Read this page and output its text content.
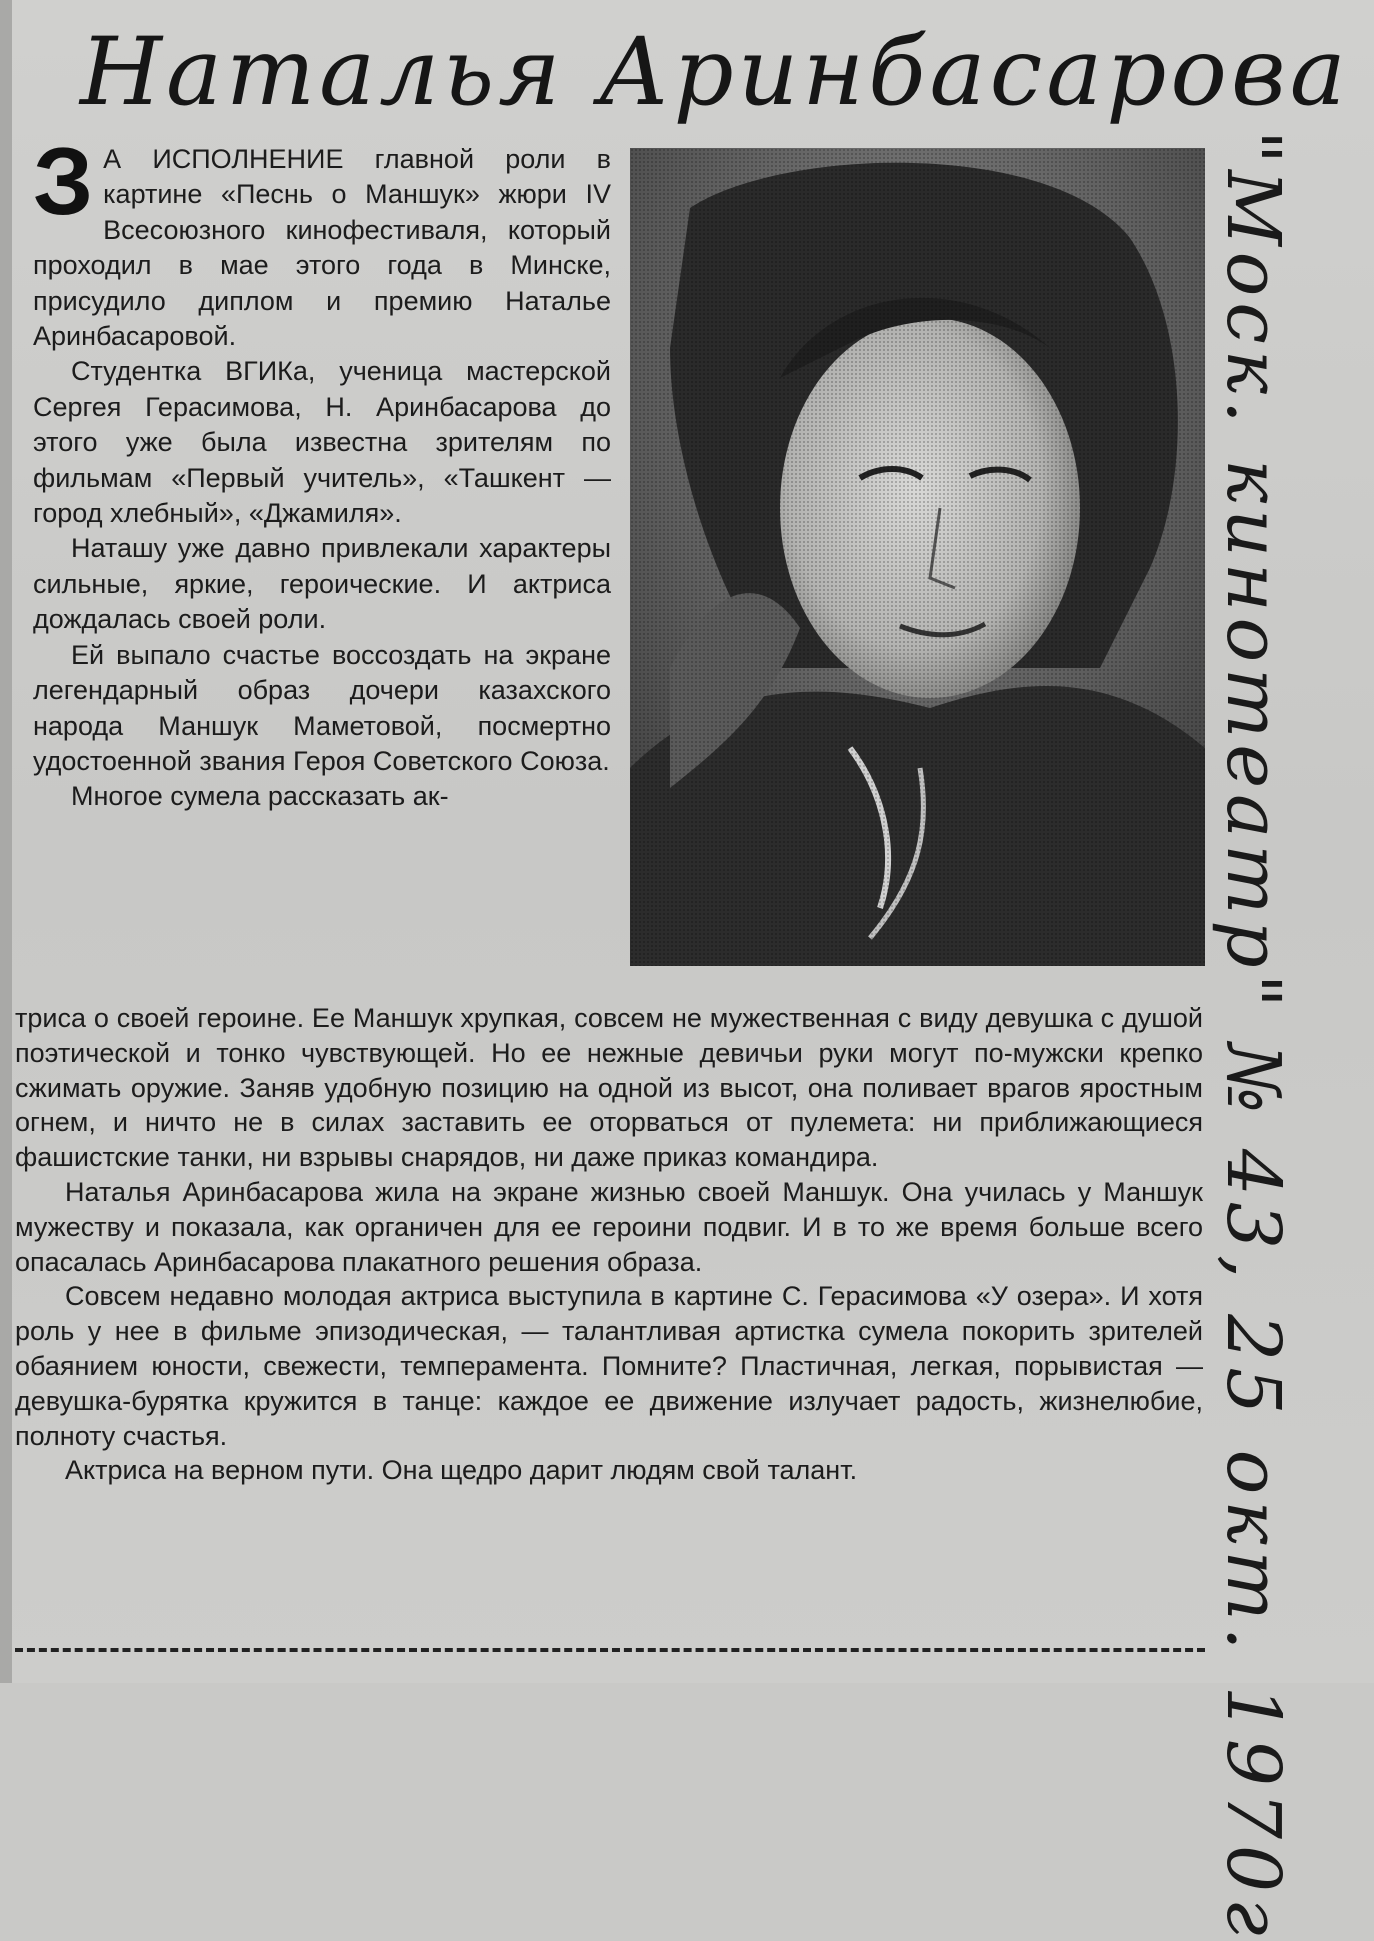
Наталья Аринбасарова

З А ИСПОЛНЕНИЕ главной роли в картине «Песнь о Маншук» жюри IV Всесоюзного кинофестиваля, который проходил в мае этого года в Минске, присудило диплом и премию Наталье Аринбасаровой.

Студентка ВГИКа, ученица мастерской Сергея Герасимова, Н. Аринбасарова до этого уже была известна зрителям по фильмам «Первый учитель», «Ташкент — город хлебный», «Джамиля».

Наташу уже давно привлекали характеры сильные, яркие, героические. И актриса дождалась своей роли.

Ей выпало счастье воссоздать на экране легендарный образ дочери казахского народа Маншук Маметовой, посмертно удостоенной звания Героя Советского Союза.

Многое сумела рассказать ак-

триса о своей героине. Ее Маншук хрупкая, совсем не мужественная с виду девушка с душой поэтической и тонко чувствующей. Но ее нежные девичьи руки могут по-мужски крепко сжимать оружие. Заняв удобную позицию на одной из высот, она поливает врагов яростным огнем, и ничто не в силах заставить ее оторваться от пулемета: ни приближающиеся фашистские танки, ни взрывы снарядов, ни даже приказ командира.

Наталья Аринбасарова жила на экране жизнью своей Маншук. Она училась у Маншук мужеству и показала, как органичен для ее героини подвиг. И в то же время больше всего опасалась Аринбасарова плакатного решения образа.

Совсем недавно молодая актриса выступила в картине С. Герасимова «У озера». И хотя роль у нее в фильме эпизодическая, — талантливая артистка сумела покорить зрителей обаянием юности, свежести, темперамента. Помните? Пластичная, легкая, порывистая — девушка-бурятка кружится в танце: каждое ее движение излучает радость, жизнелюбие, полноту счастья.

Актриса на верном пути. Она щедро дарит людям свой талант.	"Моск. кинотеатр" № 43, 25 окт. 1970г
